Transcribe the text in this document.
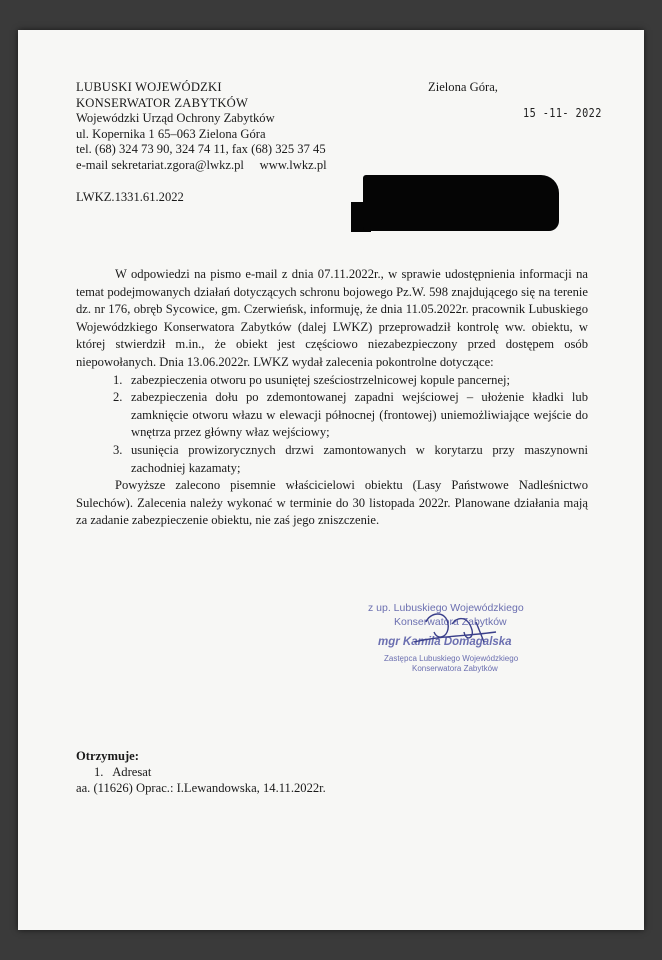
LUBUSKI WOJEWÓDZKI
KONSERWATOR ZABYTKÓW
Wojewódzki Urząd Ochrony Zabytków
ul. Kopernika 1 65–063 Zielona Góra
tel. (68) 324 73 90, 324 74 11, fax (68) 325 37 45
e-mail sekretariat.zgora@lwkz.pl     www.lwkz.pl
Zielona Góra,
15 -11- 2022
LWKZ.1331.61.2022

W odpowiedzi na pismo e-mail z dnia 07.11.2022r., w sprawie udostępnienia informacji na temat podejmowanych działań dotyczących schronu bojowego Pz.W. 598 znajdującego się na terenie dz. nr 176, obręb Sycowice, gm. Czerwieńsk, informuję, że dnia 11.05.2022r. pracownik Lubuskiego Wojewódzkiego Konserwatora Zabytków (dalej LWKZ) przeprowadził kontrolę ww. obiektu, w której stwierdził m.in., że obiekt jest częściowo niezabezpieczony przed dostępem osób niepowołanych. Dnia 13.06.2022r. LWKZ wydał zalecenia pokontrolne dotyczące:

1. zabezpieczenia otworu po usuniętej sześciostrzelnicowej kopule pancernej;
2. zabezpieczenia dołu po zdemontowanej zapadni wejściowej – ułożenie kładki lub zamknięcie otworu włazu w elewacji północnej (frontowej) uniemożliwiające wejście do wnętrza przez główny właz wejściowy;
3. usunięcia prowizorycznych drzwi zamontowanych w korytarzu przy maszynowni zachodniej kazamaty;

Powyższe zalecono pisemnie właścicielowi obiektu (Lasy Państwowe Nadleśnictwo Sulechów). Zalecenia należy wykonać w terminie do 30 listopada 2022r. Planowane działania mają za zadanie zabezpieczenie obiektu, nie zaś jego zniszczenie.

z up. Lubuskiego Wojewódzkiego
Konserwatora Zabytków
mgr Kamila Domagalska
Zastępca Lubuskiego Wojewódzkiego
Konserwatora Zabytków
Otrzymuje:
1.   Adresat
aa. (11626) Oprac.: I.Lewandowska, 14.11.2022r.
